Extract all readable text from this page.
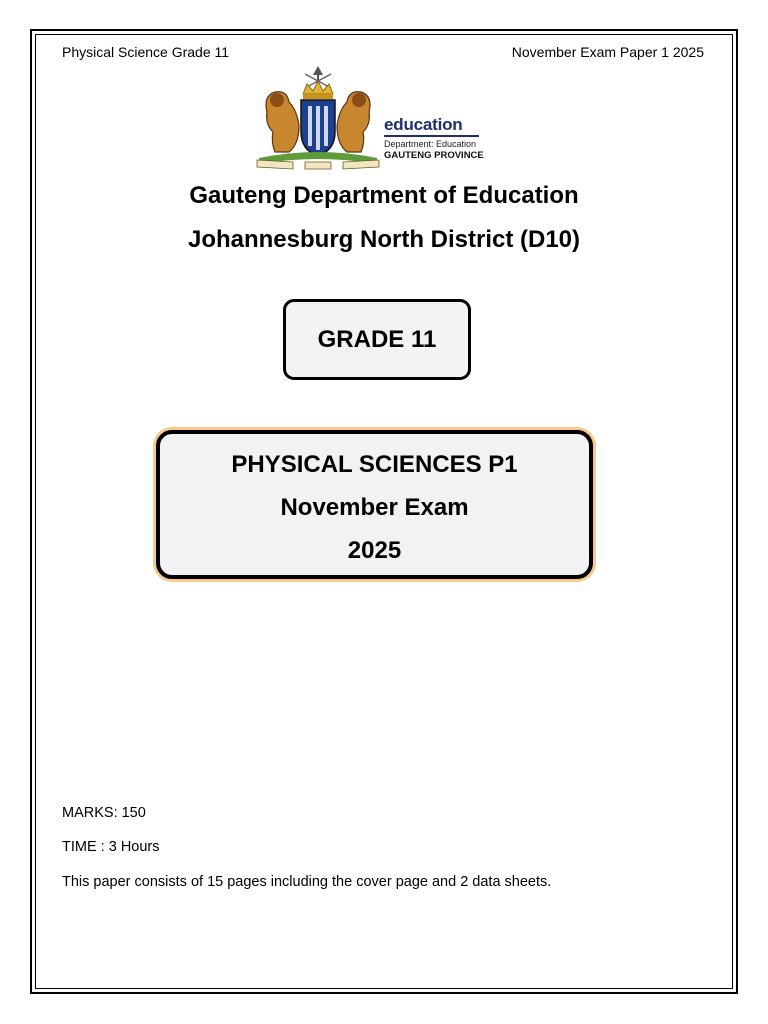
Physical Science Grade 11	November Exam Paper 1 2025
education
Department: Education
GAUTENG PROVINCE
Gauteng Department of Education
Johannesburg North District (D10)
GRADE 11
PHYSICAL SCIENCES P1
November Exam
2025
MARKS: 150
TIME : 3 Hours
This paper consists of 15 pages including the cover page and 2 data sheets.
